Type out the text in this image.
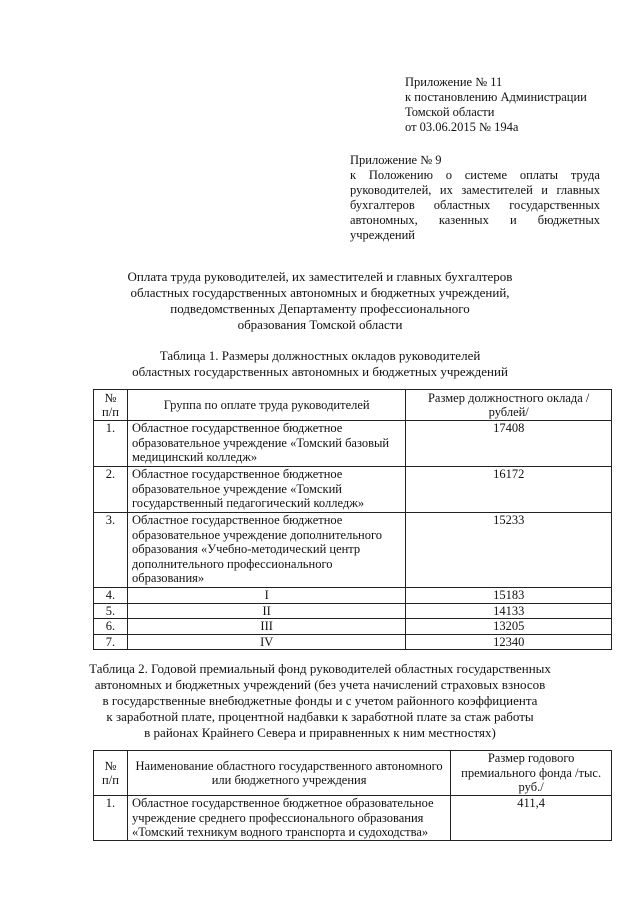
Приложение № 11
к постановлению Администрации
Томской области
от 03.06.2015 № 194а
Приложение № 9
к Положению о системе оплаты труда
руководителей, их заместителей и главных
бухгалтеров областных государственных
автономных, казенных и бюджетных
учреждений
Оплата труда руководителей, их заместителей и главных бухгалтеров
областных государственных автономных и бюджетных учреждений,
подведомственных Департаменту профессионального
образования Томской области
Таблица 1. Размеры должностных окладов руководителей
областных государственных автономных и бюджетных учреждений
№ п/п	Группа по оплате труда руководителей	Размер должностного оклада /рублей/
1.	Областное государственное бюджетное образовательное учреждение «Томский базовый медицинский колледж»	17408
2.	Областное государственное бюджетное образовательное учреждение «Томский государственный педагогический колледж»	16172
3.	Областное государственное бюджетное образовательное учреждение дополнительного образования «Учебно-методический центр дополнительного профессионального образования»	15233
4.	I	15183
5.	II	14133
6.	III	13205
7.	IV	12340
Таблица 2. Годовой премиальный фонд руководителей областных государственных
автономных и бюджетных учреждений (без учета начислений страховых взносов
в государственные внебюджетные фонды и с учетом районного коэффициента
к заработной плате, процентной надбавки к заработной плате за стаж работы
в районах Крайнего Севера и приравненных к ним местностях)
№ п/п	Наименование областного государственного автономного или бюджетного учреждения	Размер годового премиального фонда /тыс. руб./
1.	Областное государственное бюджетное образовательное учреждение среднего профессионального образования «Томский техникум водного транспорта и судоходства»	411,4
